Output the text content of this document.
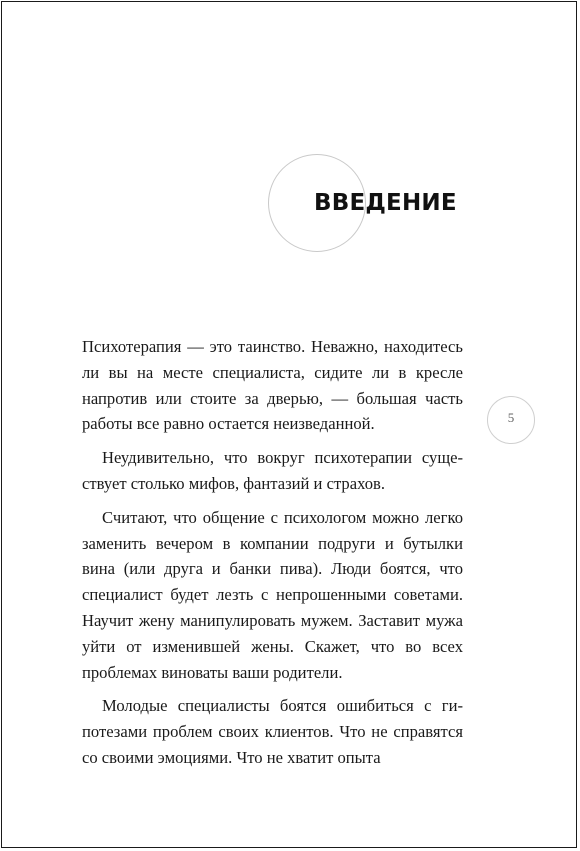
ВВЕДЕНИЕ

Психотерапия — это таинство. Неважно, находитесь ли вы на месте специалиста, сидите ли в кресле напротив или стоите за дверью, — большая часть работы все равно остается неизведанной.

Неудивительно, что вокруг психотерапии существует столько мифов, фантазий и страхов.

Считают, что общение с психологом можно легко заменить вечером в компании подруги и бутылки вина (или друга и банки пива). Люди боятся, что специалист будет лезть с непрошенными советами. Научит жену манипулировать мужем. Заставит мужа уйти от изменившей жены. Скажет, что во всех проблемах виноваты ваши родители.

Молодые специалисты боятся ошибиться с гипотезами проблем своих клиентов. Что не справятся со своими эмоциями. Что не хватит опыта

5
